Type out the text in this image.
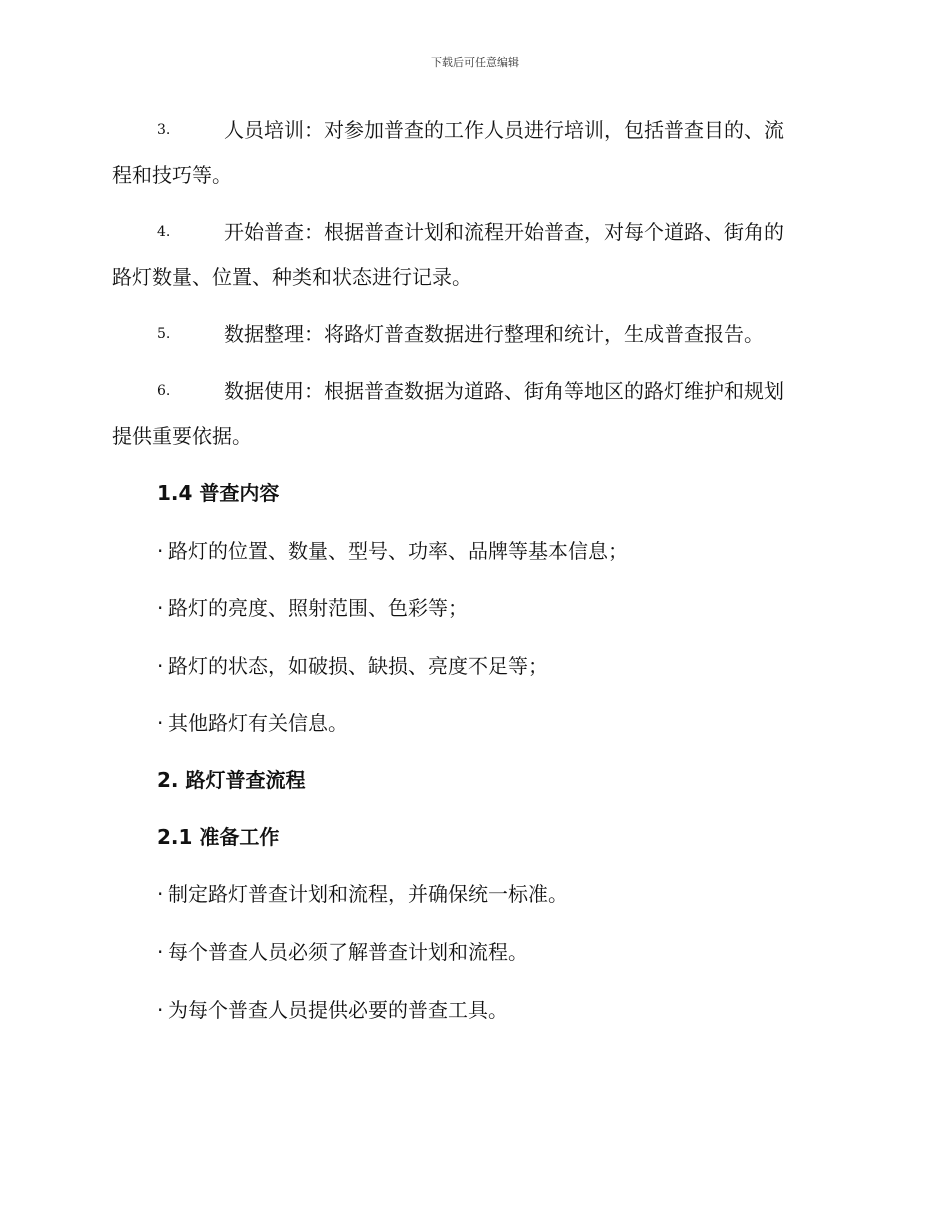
下载后可任意编辑
3.	人员培训：对参加普查的工作人员进行培训，包括普查目的、流
程和技巧等。
4.	开始普查：根据普查计划和流程开始普查，对每个道路、街角的
路灯数量、位置、种类和状态进行记录。
5.	数据整理：将路灯普查数据进行整理和统计，生成普查报告。
6.	数据使用：根据普查数据为道路、街角等地区的路灯维护和规划
提供重要依据。
1.4 普查内容
· 路灯的位置、数量、型号、功率、品牌等基本信息；
· 路灯的亮度、照射范围、色彩等；
· 路灯的状态，如破损、缺损、亮度不足等；
· 其他路灯有关信息。
2. 路灯普查流程
2.1 准备工作
· 制定路灯普查计划和流程，并确保统一标准。
· 每个普查人员必须了解普查计划和流程。
· 为每个普查人员提供必要的普查工具。
